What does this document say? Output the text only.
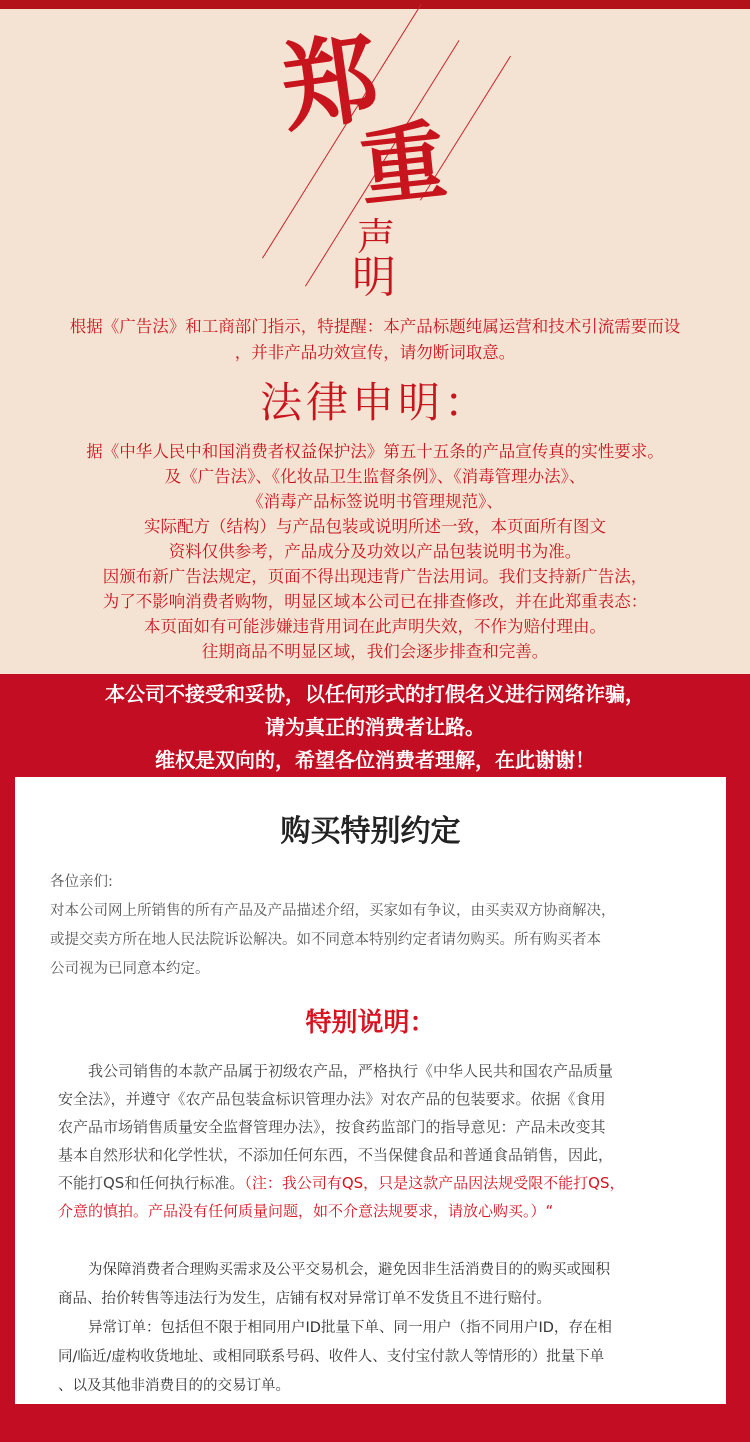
郑
重
声
明
根据《广告法》和工商部门指示，特提醒：本产品标题纯属运营和技术引流需要而设
，并非产品功效宣传，请勿断词取意。
法律申明：
据《中华人民中和国消费者权益保护法》第五十五条的产品宣传真的实性要求。
及《广告法》、《化妆品卫生监督条例》、《消毒管理办法》、
《消毒产品标签说明书管理规范》、
实际配方（结构）与产品包装或说明所述一致，本页面所有图文
资料仅供参考，产品成分及功效以产品包装说明书为准。
因颁布新广告法规定，页面不得出现违背广告法用词。我们支持新广告法，
为了不影响消费者购物，明显区域本公司已在排查修改，并在此郑重表态：
本页面如有可能涉嫌违背用词在此声明失效，不作为赔付理由。
往期商品不明显区域，我们会逐步排查和完善。
本公司不接受和妥协，以任何形式的打假名义进行网络诈骗，
请为真正的消费者让路。
维权是双向的，希望各位消费者理解，在此谢谢！
购买特别约定
各位亲们:
对本公司网上所销售的所有产品及产品描述介绍，买家如有争议，由买卖双方协商解决，
或提交卖方所在地人民法院诉讼解决。如不同意本特别约定者请勿购买。所有购买者本
公司视为已同意本约定。
特别说明：
我公司销售的本款产品属于初级农产品，严格执行《中华人民共和国农产品质量
安全法》，并遵守《农产品包装盒标识管理办法》对农产品的包装要求。依据《食用
农产品市场销售质量安全监督管理办法》，按食药监部门的指导意见：产品未改变其
基本自然形状和化学性状，不添加任何东西，不当保健食品和普通食品销售，因此，
不能打QS和任何执行标准。（注：我公司有QS，只是这款产品因法规受限不能打QS，
介意的慎拍。产品没有任何质量问题，如不介意法规要求，请放心购买。）“
为保障消费者合理购买需求及公平交易机会，避免因非生活消费目的的购买或囤积
商品、抬价转售等违法行为发生，店铺有权对异常订单不发货且不进行赔付。
异常订单：包括但不限于相同用户ID批量下单、同一用户（指不同用户ID，存在相
同/临近/虚构收货地址、或相同联系号码、收件人、支付宝付款人等情形的）批量下单
、以及其他非消费目的的交易订单。
